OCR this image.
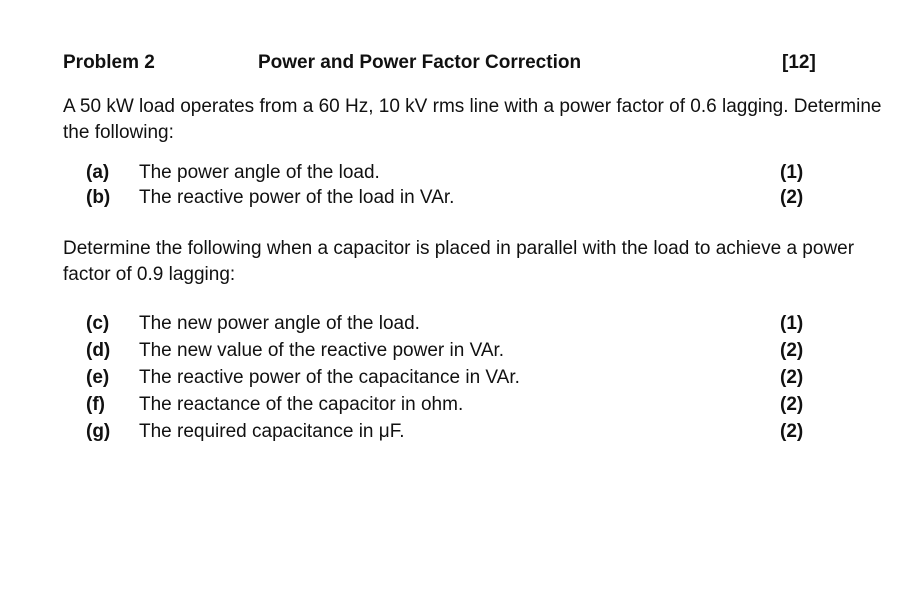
Problem 2	Power and Power Factor Correction	[12]
A 50 kW load operates from a 60 Hz, 10 kV rms line with a power factor of 0.6 lagging. Determine the following:
(a) The power angle of the load.	(1)
(b) The reactive power of the load in VAr.	(2)
Determine the following when a capacitor is placed in parallel with the load to achieve a power factor of 0.9 lagging:
(c) The new power angle of the load.	(1)
(d) The new value of the reactive power in VAr.	(2)
(e) The reactive power of the capacitance in VAr.	(2)
(f) The reactance of the capacitor in ohm.	(2)
(g) The required capacitance in μF.	(2)
